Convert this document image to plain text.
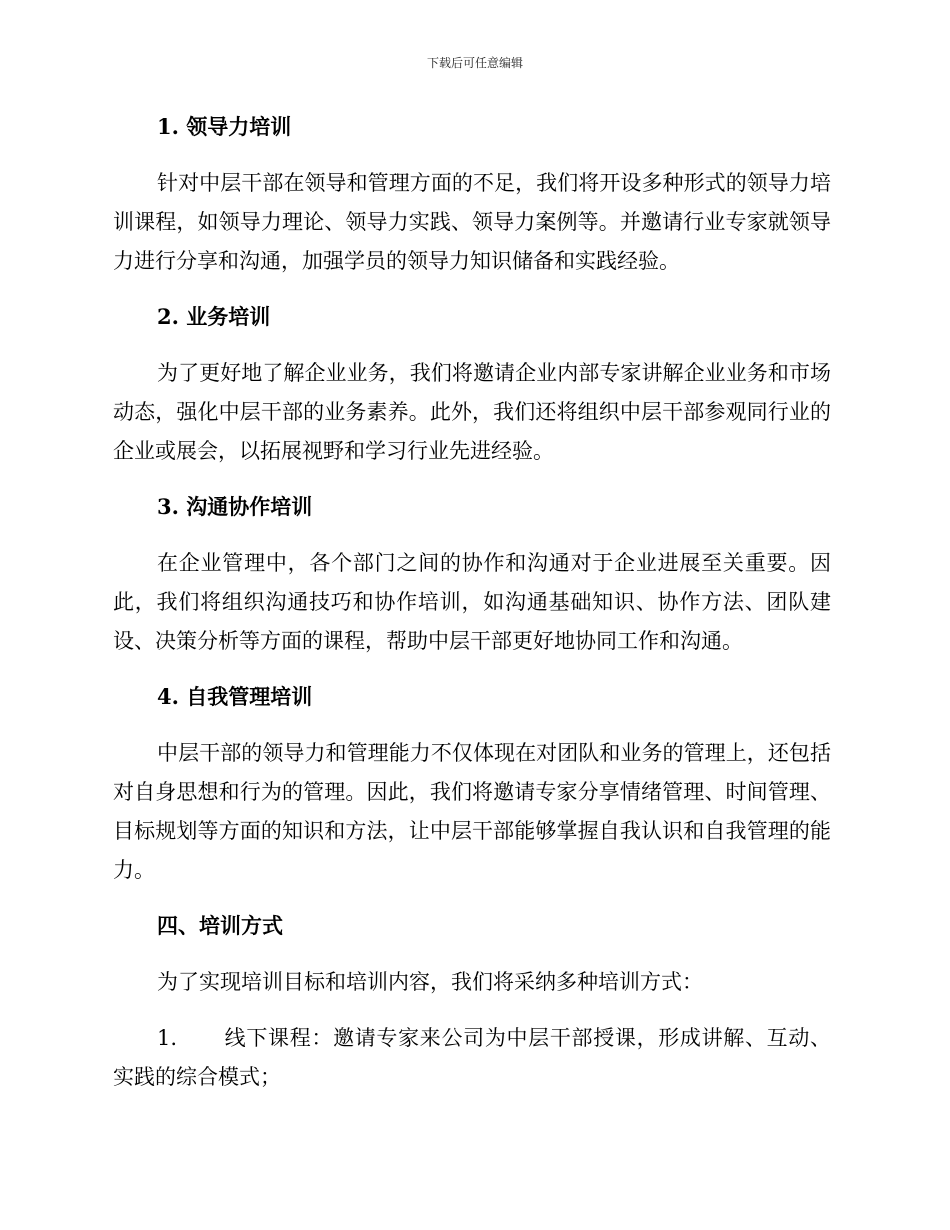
下载后可任意编辑
1. 领导力培训

针对中层干部在领导和管理方面的不足，我们将开设多种形式的领导力培训课程，如领导力理论、领导力实践、领导力案例等。并邀请行业专家就领导力进行分享和沟通，加强学员的领导力知识储备和实践经验。

2. 业务培训

为了更好地了解企业业务，我们将邀请企业内部专家讲解企业业务和市场动态，强化中层干部的业务素养。此外，我们还将组织中层干部参观同行业的企业或展会，以拓展视野和学习行业先进经验。

3. 沟通协作培训

在企业管理中，各个部门之间的协作和沟通对于企业进展至关重要。因此，我们将组织沟通技巧和协作培训，如沟通基础知识、协作方法、团队建设、决策分析等方面的课程，帮助中层干部更好地协同工作和沟通。

4. 自我管理培训

中层干部的领导力和管理能力不仅体现在对团队和业务的管理上，还包括对自身思想和行为的管理。因此，我们将邀请专家分享情绪管理、时间管理、目标规划等方面的知识和方法，让中层干部能够掌握自我认识和自我管理的能力。

四、培训方式

为了实现培训目标和培训内容，我们将采纳多种培训方式：

1. 线下课程：邀请专家来公司为中层干部授课，形成讲解、互动、实践的综合模式；
